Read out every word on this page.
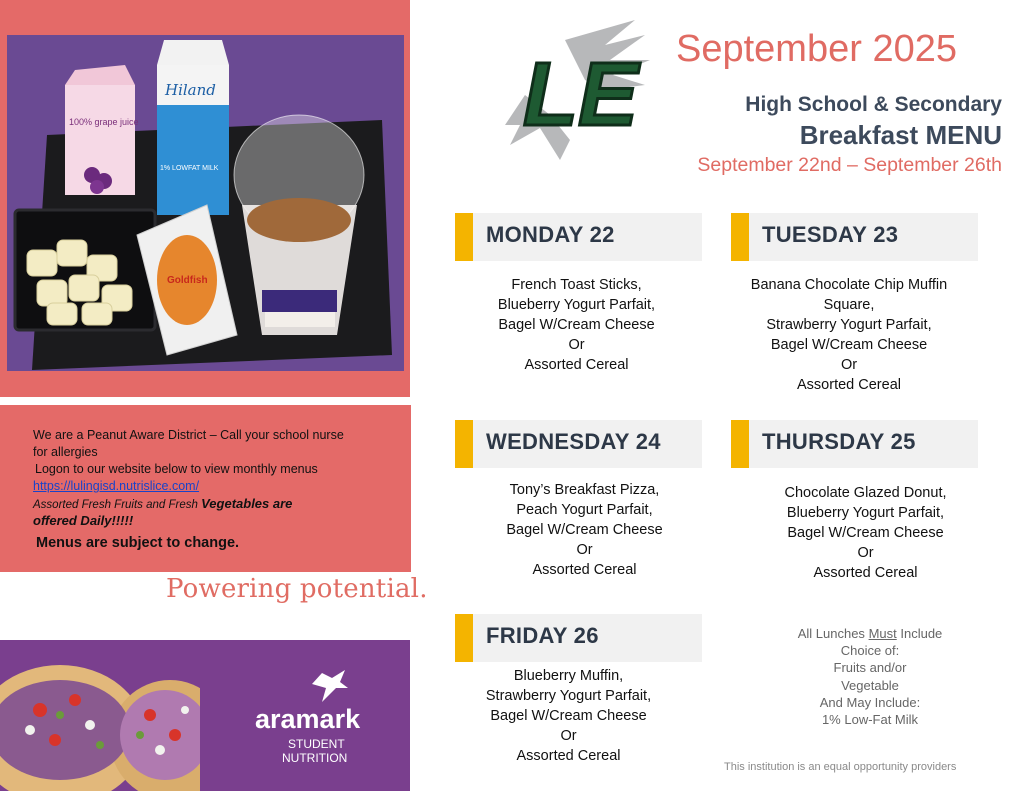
100% grape juice
Hiland
1% LOWFAT MILK
Goldfish
We are a Peanut Aware District – Call your school nurse
for allergies
Logon to our website below to view monthly menus
https://lulingisd.nutrislice.com/
Assorted Fresh Fruits and Fresh Vegetables are
offered Daily!!!!!
Menus are subject to change.
Powering potential.
aramark
STUDENT
NUTRITION
LE September 2025
High School & Secondary
Breakfast MENU
September 22nd – September 26th
MONDAY 22
French Toast Sticks,
Blueberry Yogurt Parfait,
Bagel W/Cream Cheese
Or
Assorted Cereal
TUESDAY 23
Banana Chocolate Chip Muffin
Square,
Strawberry Yogurt Parfait,
Bagel W/Cream Cheese
Or
Assorted Cereal
WEDNESDAY 24
Tony’s Breakfast Pizza,
Peach Yogurt Parfait,
Bagel W/Cream Cheese
Or
Assorted Cereal
THURSDAY 25
Chocolate Glazed Donut,
Blueberry Yogurt Parfait,
Bagel W/Cream Cheese
Or
Assorted Cereal
FRIDAY 26
Blueberry Muffin,
Strawberry Yogurt Parfait,
Bagel W/Cream Cheese
Or
Assorted Cereal
All Lunches Must Include
Choice of:
Fruits and/or
Vegetable
And May Include:
1% Low-Fat Milk
This institution is an equal opportunity providers
